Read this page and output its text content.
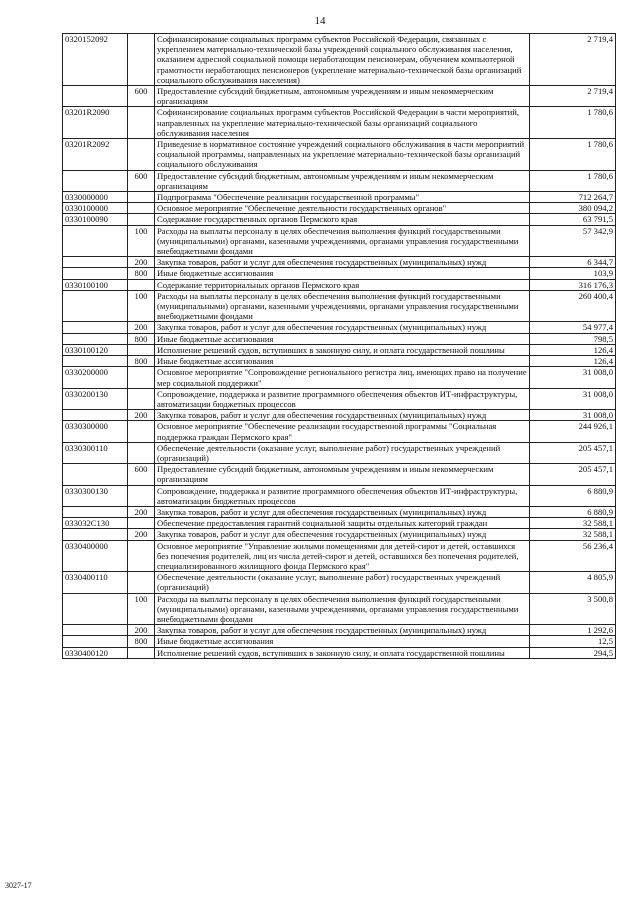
14
0320152092		Софинансирование социальных программ субъектов Российской Федерации, связанных с укреплением материально-технической базы учреждений социального обслуживания населения, оказанием адресной социальной помощи неработающим пенсионерам, обучением компьютерной грамотности неработающих пенсионеров (укрепление материально-технической базы организаций социального обслуживания населения)	2 719,4
	600	Предоставление субсидий бюджетным, автономным учреждениям и иным некоммерческим организациям	2 719,4
03201R2090		Софинансирование социальных программ субъектов Российской Федерации в части мероприятий, направленных на укрепление материально-технической базы организаций социального обслуживания населения	1 780,6
03201R2092		Приведение в нормативное состояние учреждений социального обслуживания в части мероприятий социальной программы, направленных на укрепление материально-технической базы организаций социального обслуживания	1 780,6
	600	Предоставление субсидий бюджетным, автономным учреждениям и иным некоммерческим организациям	1 780,6
0330000000		Подпрограмма "Обеспечение реализации государственной программы"	712 264,7
0330100000		Основное мероприятие "Обеспечение деятельности государственных органов"	380 094,2
0330100090		Содержание государственных органов Пермского края	63 791,5
	100	Расходы на выплаты персоналу в целях обеспечения выполнения функций государственными (муниципальными) органами, казенными учреждениями, органами управления государственными внебюджетными фондами	57 342,9
	200	Закупка товаров, работ и услуг для обеспечения государственных (муниципальных) нужд	6 344,7
	800	Иные бюджетные ассигнования	103,9
0330100100		Содержание территориальных органов Пермского края	316 176,3
	100	Расходы на выплаты персоналу в целях обеспечения выполнения функций государственными (муниципальными) органами, казенными учреждениями, органами управления государственными внебюджетными фондами	260 400,4
	200	Закупка товаров, работ и услуг для обеспечения государственных (муниципальных) нужд	54 977,4
	800	Иные бюджетные ассигнования	798,5
0330100120		Исполнение решений судов, вступивших в законную силу, и оплата государственной пошлины	126,4
	800	Иные бюджетные ассигнования	126,4
0330200000		Основное мероприятие "Сопровождение регионального регистра лиц, имеющих право на получение мер социальной поддержки"	31 008,0
0330200130		Сопровождение, поддержка и развитие программного обеспечения объектов ИТ-инфраструктуры, автоматизации бюджетных процессов	31 008,0
	200	Закупка товаров, работ и услуг для обеспечения государственных (муниципальных) нужд	31 008,0
0330300000		Основное мероприятие "Обеспечение реализации государственной программы "Социальная поддержка граждан Пермского края"	244 926,1
0330300110		Обеспечение деятельности (оказание услуг, выполнение работ) государственных учреждений (организаций)	205 457,1
	600	Предоставление субсидий бюджетным, автономным учреждениям и иным некоммерческим организациям	205 457,1
0330300130		Сопровождение, поддержка и развитие программного обеспечения объектов ИТ-инфраструктуры, автоматизации бюджетных процессов	6 880,9
	200	Закупка товаров, работ и услуг для обеспечения государственных (муниципальных) нужд	6 880,9
033032C130		Обеспечение предоставления гарантий социальной защиты отдельных категорий граждан	32 588,1
	200	Закупка товаров, работ и услуг для обеспечения государственных (муниципальных) нужд	32 588,1
0330400000		Основное мероприятие "Управление жилыми помещениями для детей-сирот и детей, оставшихся без попечения родителей, лиц из числа детей-сирот и детей, оставшихся без попечения родителей, специализированного жилищного фонда Пермского края"	56 236,4
0330400110		Обеспечение деятельности (оказание услуг, выполнение работ) государственных учреждений (организаций)	4 805,9
	100	Расходы на выплаты персоналу в целях обеспечения выполнения функций государственными (муниципальными) органами, казенными учреждениями, органами управления государственными внебюджетными фондами	3 500,8
	200	Закупка товаров, работ и услуг для обеспечения государственных (муниципальных) нужд	1 292,6
	800	Иные бюджетные ассигнования	12,5
0330400120		Исполнение решений судов, вступивших в законную силу, и оплата государственной пошлины	294,5
3027-17
